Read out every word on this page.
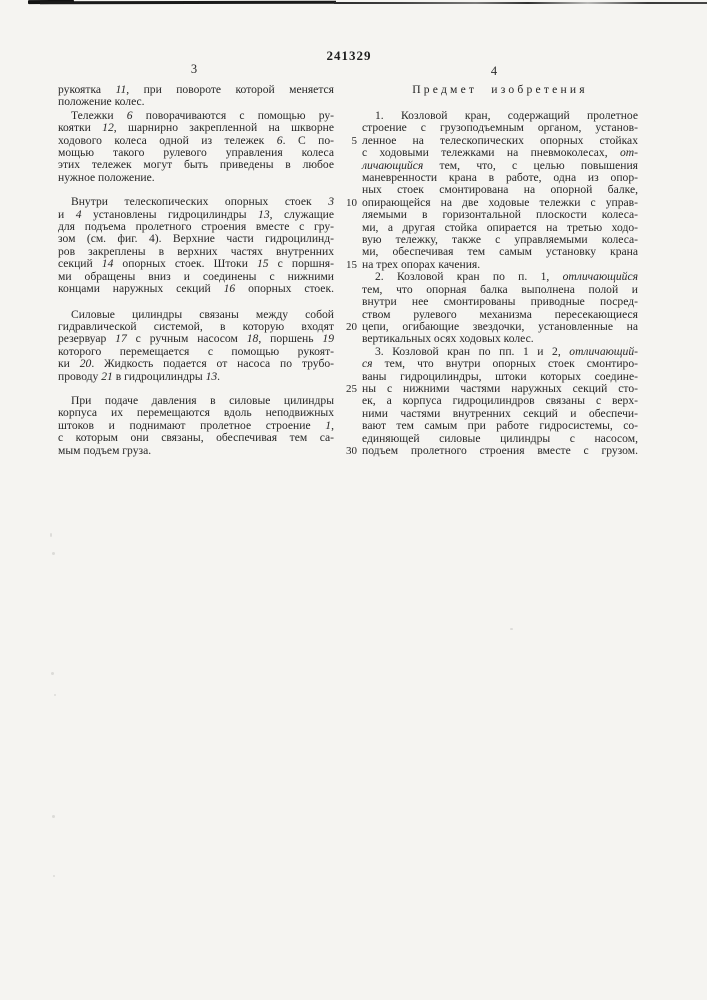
241329
3	4
Предмет изобретения
рукоятка 11, при повороте которой меняется
положение колес.
Тележки 6 поворачиваются с помощью ру-
коятки 12, шарнирно закрепленной на шкворне
ходового колеса одной из тележек 6. С по-
мощью такого рулевого управления колеса
этих тележек могут быть приведены в любое
нужное положение.
Внутри телескопических опорных стоек 3
и 4 установлены гидроцилиндры 13, служащие
для подъема пролетного строения вместе с гру-
зом (см. фиг. 4). Верхние части гидроцилинд-
ров закреплены в верхних частях внутренних
секций 14 опорных стоек. Штоки 15 с поршня-
ми обращены вниз и соединены с нижними
концами наружных секций 16 опорных стоек.
Силовые цилиндры связаны между собой
гидравлической системой, в которую входят
резервуар 17 с ручным насосом 18, поршень 19
которого перемещается с помощью рукоят-
ки 20. Жидкость подается от насоса по трубо-
проводу 21 в гидроцилиндры 13.
При подаче давления в силовые цилиндры
корпуса их перемещаются вдоль неподвижных
штоков и поднимают пролетное строение 1,
с которым они связаны, обеспечивая тем са-
мым подъем груза.
1. Козловой кран, содержащий пролетное
строение с грузоподъемным органом, установ-
ленное на телескопических опорных стойках
с ходовыми тележками на пневмоколесах, от-
личающийся тем, что, с целью повышения
маневренности крана в работе, одна из опор-
ных стоек смонтирована на опорной балке,
опирающейся на две ходовые тележки с управ-
ляемыми в горизонтальной плоскости колеса-
ми, а другая стойка опирается на третью ходо-
вую тележку, также с управляемыми колеса-
ми, обеспечивая тем самым установку крана
на трех опорах качения.
2. Козловой кран по п. 1, отличающийся
тем, что опорная балка выполнена полой и
внутри нее смонтированы приводные посред-
ством рулевого механизма пересекающиеся
цепи, огибающие звездочки, установленные на
вертикальных осях ходовых колес.
3. Козловой кран по пп. 1 и 2, отличающий-
ся тем, что внутри опорных стоек смонтиро-
ваны гидроцилиндры, штоки которых соедине-
ны с нижними частями наружных секций сто-
ек, а корпуса гидроцилиндров связаны с верх-
ними частями внутренних секций и обеспечи-
вают тем самым при работе гидросистемы, со-
единяющей силовые цилиндры с насосом,
подъем пролетного строения вместе с грузом.
5
10
15
20
25
30
